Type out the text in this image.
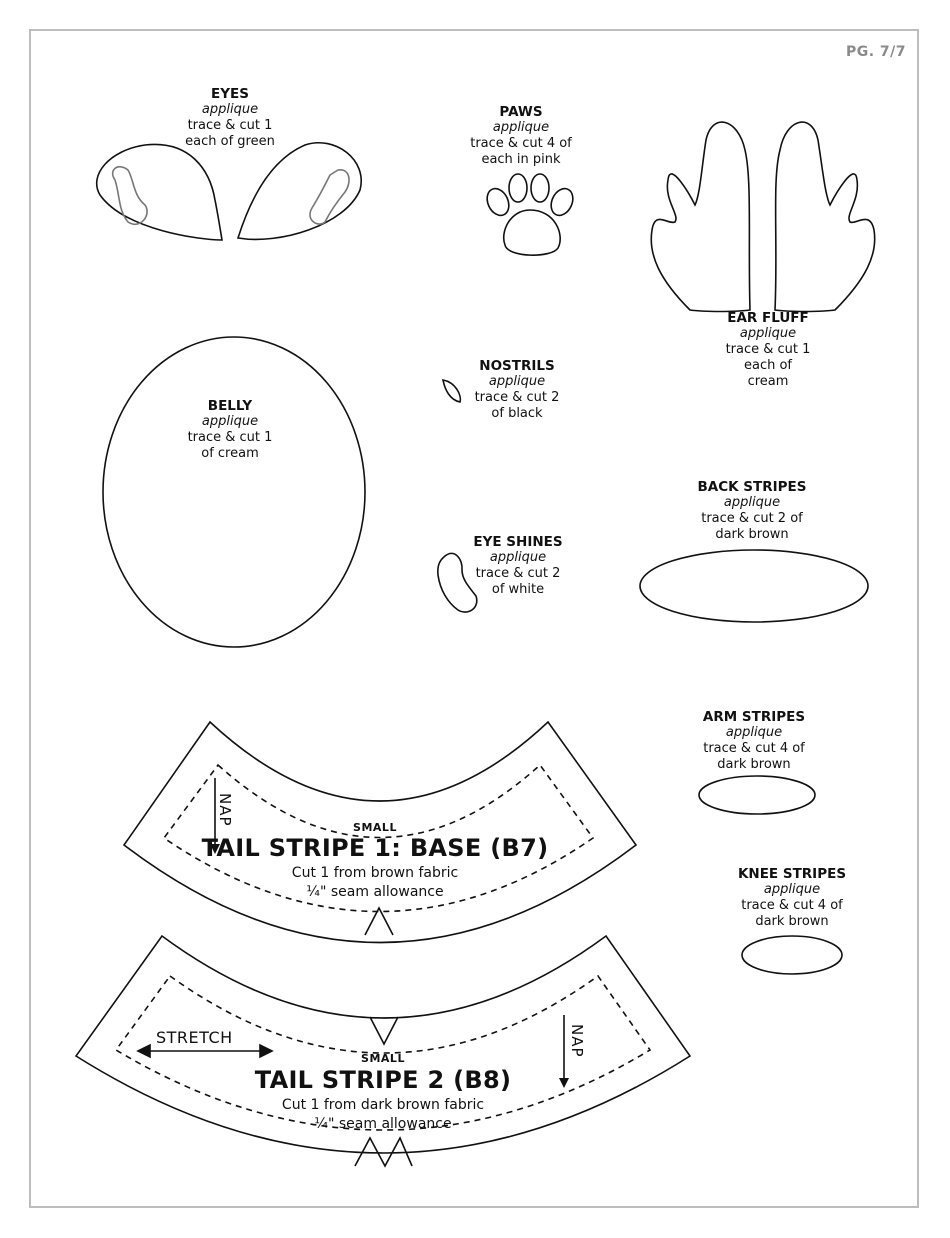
PG. 7/7
EYES
applique
trace & cut 1
each of green
PAWS
applique
trace & cut 4 of
each in pink
EAR FLUFF
applique
trace & cut 1
each of
cream
NOSTRILS
applique
trace & cut 2
of black
BELLY
applique
trace & cut 1
of cream
BACK STRIPES
applique
trace & cut 2 of
dark brown
EYE SHINES
applique
trace & cut 2
of white
ARM STRIPES
applique
trace & cut 4 of
dark brown
KNEE STRIPES
applique
trace & cut 4 of
dark brown
NAP
SMALL
TAIL STRIPE 1: BASE (B7)
Cut 1 from brown fabric
¼" seam allowance
STRETCH	NAP
SMALL
TAIL STRIPE 2 (B8)
Cut 1 from dark brown fabric
¼" seam allowance
